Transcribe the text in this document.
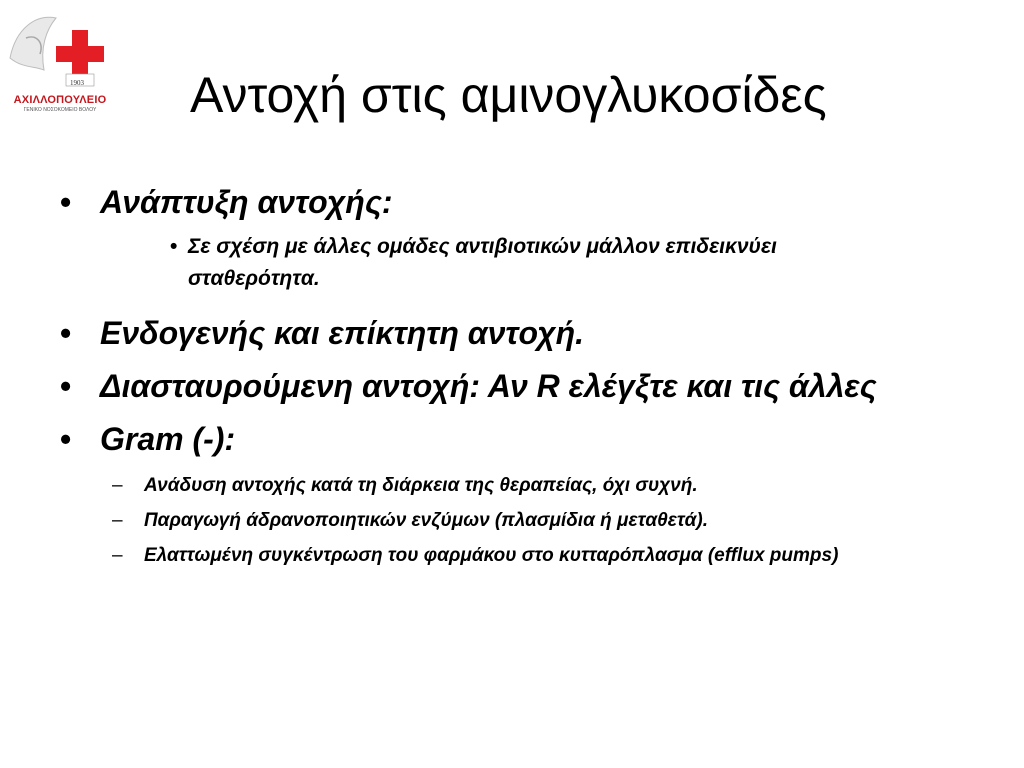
1903
ΑΧΙΛΛΟΠΟΥΛΕΙΟ
ΓΕΝΙΚΟ ΝΟΣΟΚΟΜΕΙΟ ΒΟΛΟΥ	Αντοχή στις αμινογλυκοσίδες
• Ανάπτυξη αντοχής:
• Σε σχέση με άλλες ομάδες αντιβιοτικών μάλλον επιδεικνύει σταθερότητα.
• Ενδογενής και επίκτητη αντοχή.
• Διασταυρούμενη αντοχή: Αν R ελέγξτε και τις άλλες
• Gram (-):
– Ανάδυση αντοχής κατά τη διάρκεια της θεραπείας, όχι συχνή.
– Παραγωγή άδρανοποιητικών ενζύμων (πλασμίδια ή μεταθετά).
– Ελαττωμένη συγκέντρωση του φαρμάκου στο κυτταρόπλασμα (efflux pumps)
